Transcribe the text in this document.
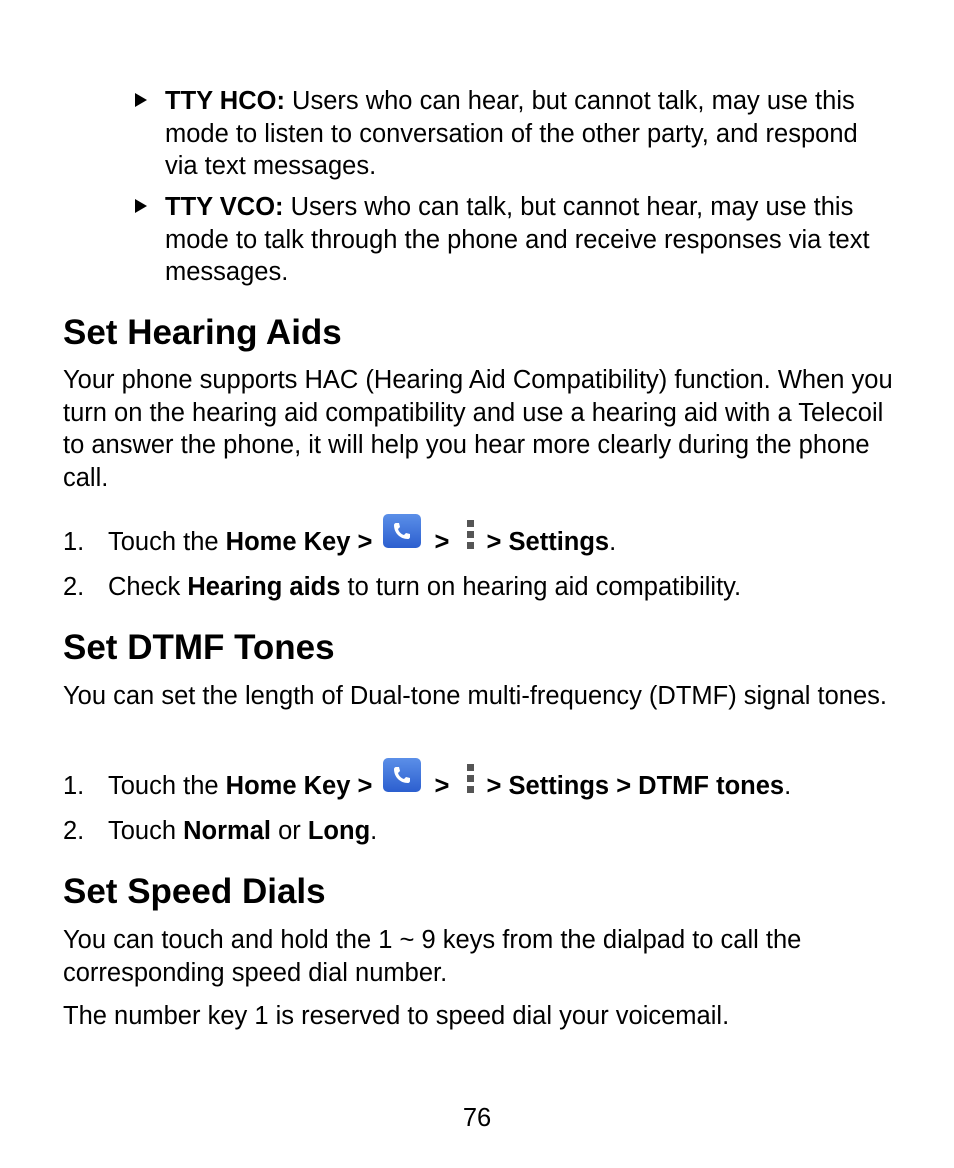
TTY HCO: Users who can hear, but cannot talk, may use this mode to listen to conversation of the other party, and respond via text messages.
TTY VCO: Users who can talk, but cannot hear, may use this mode to talk through the phone and receive responses via text messages.
Set Hearing Aids

Your phone supports HAC (Hearing Aid Compatibility) function. When you turn on the hearing aid compatibility and use a hearing aid with a Telecoil to answer the phone, it will help you hear more clearly during the phone call.

1. Touch the Home Key > > > Settings.
2. Check Hearing aids to turn on hearing aid compatibility.
Set DTMF Tones

You can set the length of Dual-tone multi-frequency (DTMF) signal tones.

1. Touch the Home Key > > > Settings > DTMF tones.
2. Touch Normal or Long.
Set Speed Dials

You can touch and hold the 1 ~ 9 keys from the dialpad to call the corresponding speed dial number.

The number key 1 is reserved to speed dial your voicemail.

76
